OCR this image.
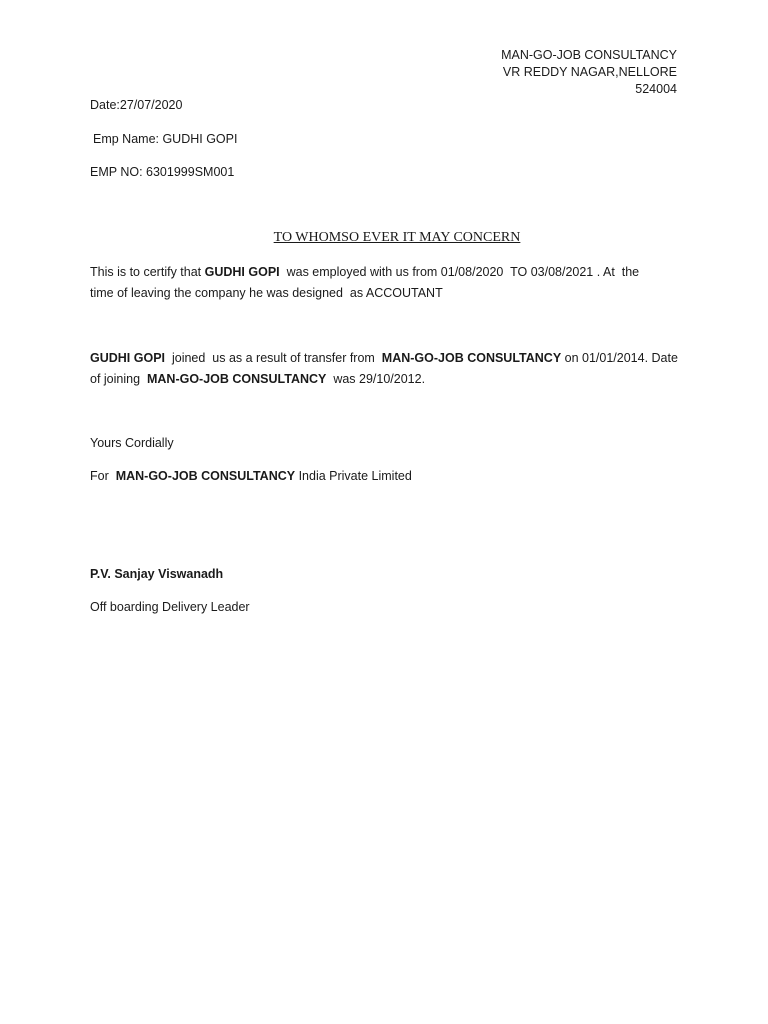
MAN-GO-JOB CONSULTANCY
VR REDDY NAGAR,NELLORE
524004
Date:27/07/2020
Emp Name: GUDHI GOPI
EMP NO: 6301999SM001
TO WHOMSO EVER IT MAY CONCERN
This is to certify that GUDHI GOPI  was employed with us from 01/08/2020  TO 03/08/2021 . At  the
time of leaving the company he was designed  as ACCOUTANT
GUDHI GOPI  joined  us as a result of transfer from  MAN-GO-JOB CONSULTANCY on 01/01/2014. Date
of joining  MAN-GO-JOB CONSULTANCY  was 29/10/2012.
Yours Cordially
For  MAN-GO-JOB CONSULTANCY India Private Limited
P.V. Sanjay Viswanadh
Off boarding Delivery Leader
